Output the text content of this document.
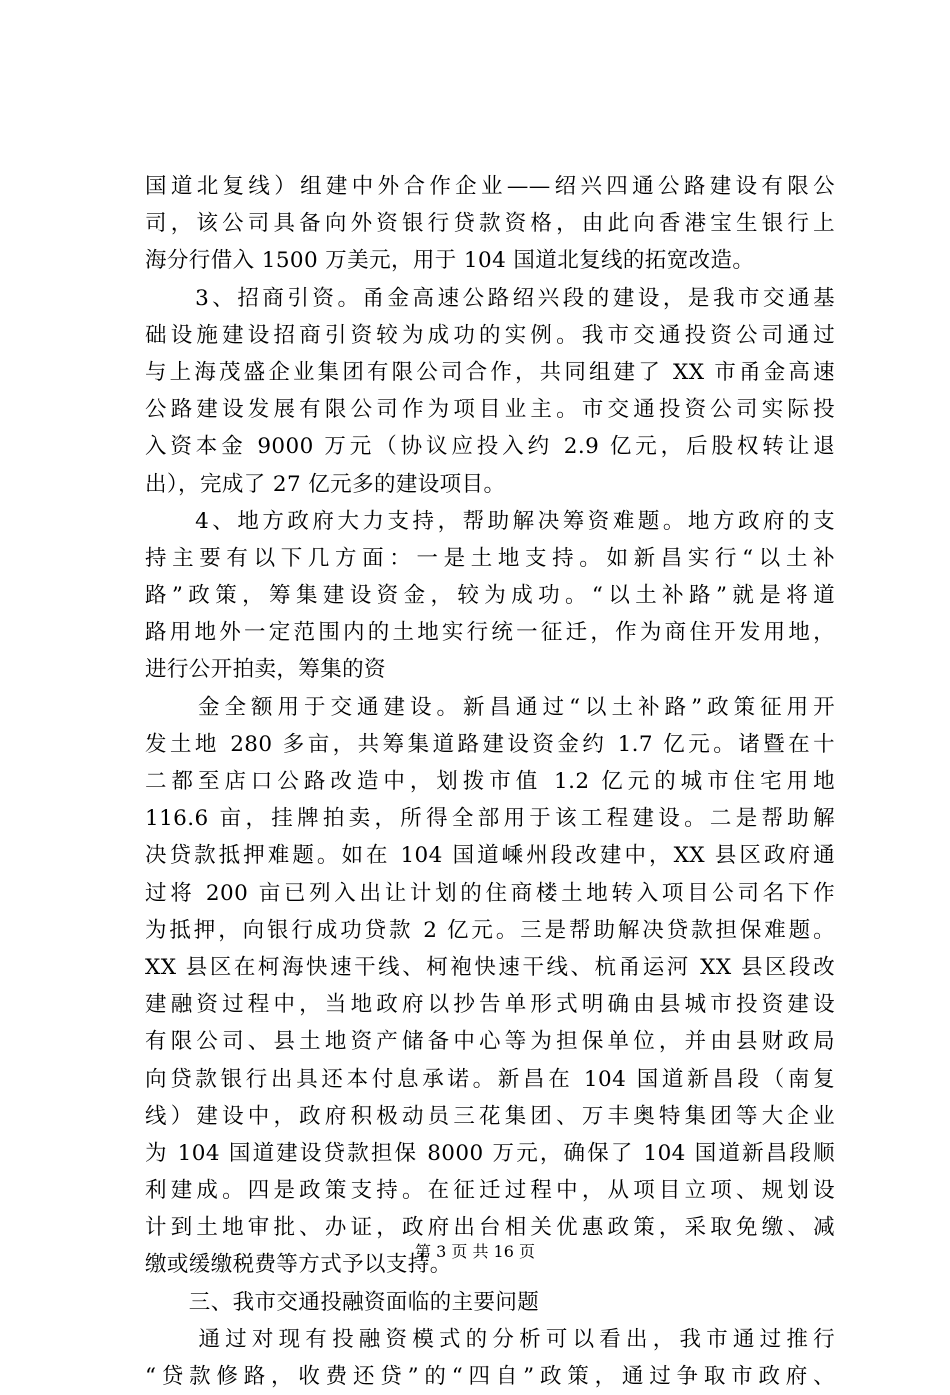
国道北复线）组建中外合作企业——绍兴四通公路建设有限公
司，该公司具备向外资银行贷款资格，由此向香港宝生银行上
海分行借入 1500 万美元，用于 104 国道北复线的拓宽改造。
　　3、招商引资。甬金高速公路绍兴段的建设，是我市交通基
础设施建设招商引资较为成功的实例。我市交通投资公司通过
与上海茂盛企业集团有限公司合作，共同组建了 XX 市甬金高速
公路建设发展有限公司作为项目业主。市交通投资公司实际投
入资本金 9000 万元（协议应投入约 2.9 亿元，后股权转让退
出），完成了 27 亿元多的建设项目。
　　4、地方政府大力支持，帮助解决筹资难题。地方政府的支
持主要有以下几方面：一是土地支持。如新昌实行“以土补
路”政策，筹集建设资金，较为成功。“以土补路”就是将道
路用地外一定范围内的土地实行统一征迁，作为商住开发用地，
进行公开拍卖，筹集的资
　　金全额用于交通建设。新昌通过“以土补路”政策征用开
发土地 280 多亩，共筹集道路建设资金约 1.7 亿元。诸暨在十
二都至店口公路改造中，划拨市值 1.2 亿元的城市住宅用地
116.6 亩，挂牌拍卖，所得全部用于该工程建设。二是帮助解
决贷款抵押难题。如在 104 国道嵊州段改建中，XX 县区政府通
过将 200 亩已列入出让计划的住商楼土地转入项目公司名下作
为抵押，向银行成功贷款 2 亿元。三是帮助解决贷款担保难题。
XX 县区在柯海快速干线、柯袍快速干线、杭甬运河 XX 县区段改
建融资过程中，当地政府以抄告单形式明确由县城市投资建设
有限公司、县土地资产储备中心等为担保单位，并由县财政局
向贷款银行出具还本付息承诺。新昌在 104 国道新昌段（南复
线）建设中，政府积极动员三花集团、万丰奥特集团等大企业
为 104 国道建设贷款担保 8000 万元，确保了 104 国道新昌段顺
利建成。四是政策支持。在征迁过程中，从项目立项、规划设
计到土地审批、办证，政府出台相关优惠政策，采取免缴、减
缴或缓缴税费等方式予以支持。
　　三、我市交通投融资面临的主要问题
　　通过对现有投融资模式的分析可以看出，我市通过推行
“贷款修路，收费还贷”的“四自”政策，通过争取市政府、
第 3 页 共 16 页
